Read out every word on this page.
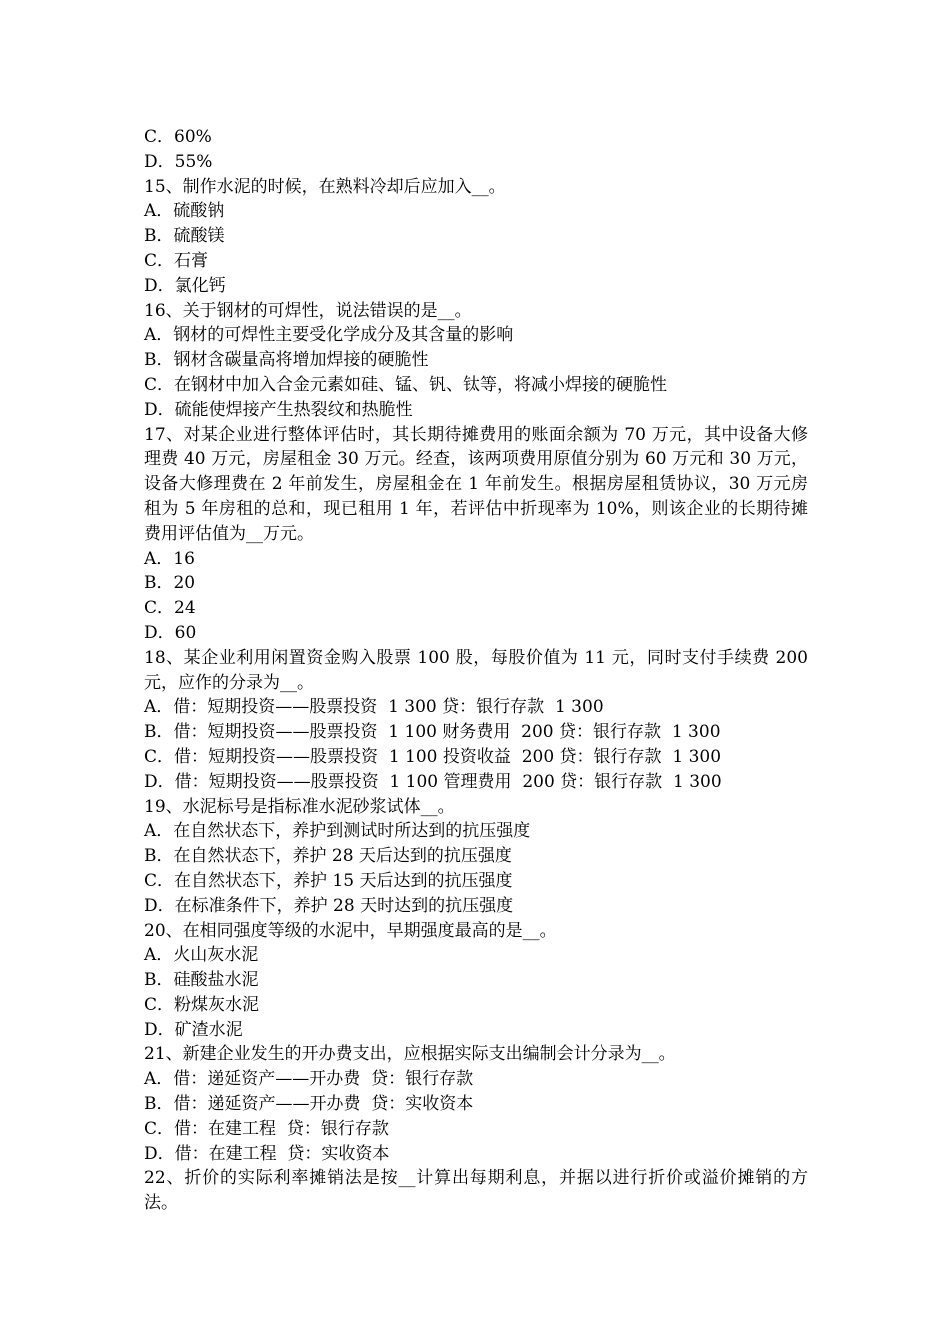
C．60%
D．55%
15、制作水泥的时候，在熟料冷却后应加入__。
A．硫酸钠
B．硫酸镁
C．石膏
D．氯化钙
16、关于钢材的可焊性，说法错误的是__。
A．钢材的可焊性主要受化学成分及其含量的影响
B．钢材含碳量高将增加焊接的硬脆性
C．在钢材中加入合金元素如硅、锰、钒、钛等，将减小焊接的硬脆性
D．硫能使焊接产生热裂纹和热脆性
17、对某企业进行整体评估时，其长期待摊费用的账面余额为 70 万元，其中设备大修理费 40 万元，房屋租金 30 万元。经查，该两项费用原值分别为 60 万元和 30 万元，设备大修理费在 2 年前发生，房屋租金在 1 年前发生。根据房屋租赁协议，30 万元房租为 5 年房租的总和，现已租用 1 年，若评估中折现率为 10%，则该企业的长期待摊费用评估值为__万元。
A．16
B．20
C．24
D．60
18、某企业利用闲置资金购入股票 100 股，每股价值为 11 元，同时支付手续费 200 元，应作的分录为__。
A．借：短期投资——股票投资  1 300 贷：银行存款  1 300
B．借：短期投资——股票投资  1 100 财务费用  200 贷：银行存款  1 300
C．借：短期投资——股票投资  1 100 投资收益  200 贷：银行存款  1 300
D．借：短期投资——股票投资  1 100 管理费用  200 贷：银行存款  1 300
19、水泥标号是指标准水泥砂浆试体__。
A．在自然状态下，养护到测试时所达到的抗压强度
B．在自然状态下，养护 28 天后达到的抗压强度
C．在自然状态下，养护 15 天后达到的抗压强度
D．在标准条件下，养护 28 天时达到的抗压强度
20、在相同强度等级的水泥中，早期强度最高的是__。
A．火山灰水泥
B．硅酸盐水泥
C．粉煤灰水泥
D．矿渣水泥
21、新建企业发生的开办费支出，应根据实际支出编制会计分录为__。
A．借：递延资产——开办费  贷：银行存款
B．借：递延资产——开办费  贷：实收资本
C．借：在建工程  贷：银行存款
D．借：在建工程  贷：实收资本
22、折价的实际利率摊销法是按__计算出每期利息，并据以进行折价或溢价摊销的方法。
